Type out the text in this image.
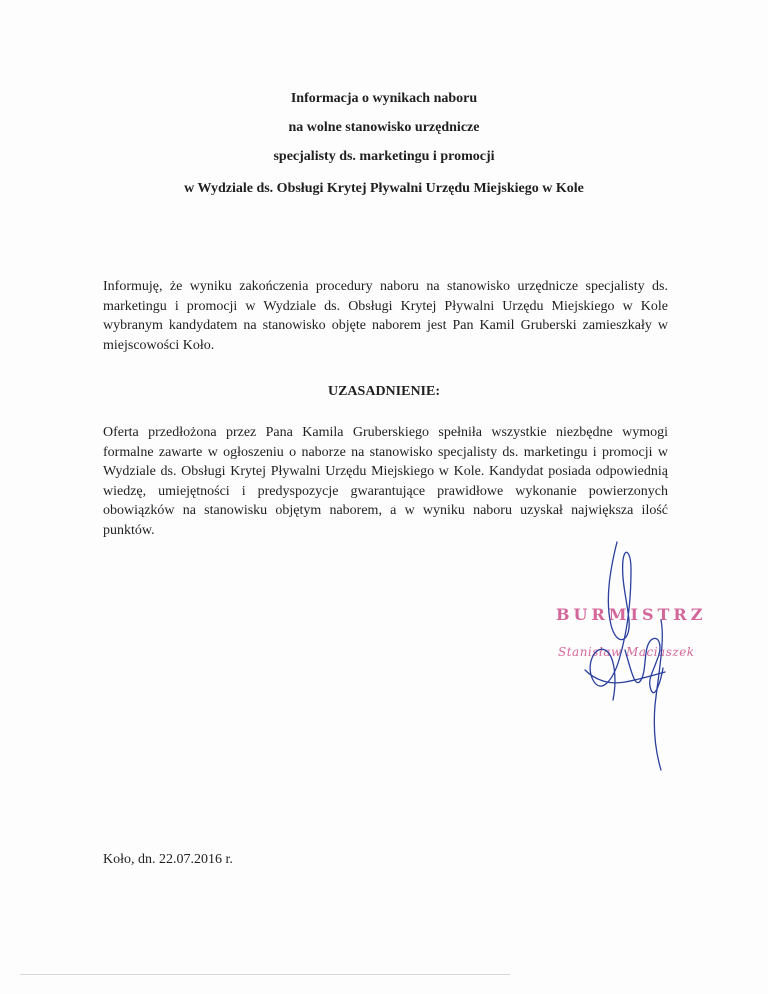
Informacja o wynikach naboru
na wolne stanowisko urzędnicze
specjalisty ds. marketingu i promocji
w Wydziale ds. Obsługi Krytej Pływalni Urzędu Miejskiego w Kole

Informuję, że wyniku zakończenia procedury naboru na stanowisko urzędnicze specjalisty ds. marketingu i promocji w Wydziale ds. Obsługi Krytej Pływalni Urzędu Miejskiego w Kole wybranym kandydatem na stanowisko objęte naborem jest Pan Kamil Gruberski zamieszkały w miejscowości Koło.

UZASADNIENIE:

Oferta przedłożona przez Pana Kamila Gruberskiego spełniła wszystkie niezbędne wymogi formalne zawarte w ogłoszeniu o naborze na stanowisko specjalisty ds. marketingu i promocji w Wydziale ds. Obsługi Krytej Pływalni Urzędu Miejskiego w Kole. Kandydat posiada odpowiednią wiedzę, umiejętności i predyspozycje gwarantujące prawidłowe wykonanie powierzonych obowiązków na stanowisku objętym naborem, a w wyniku naboru uzyskał największa ilość punktów.

BURMISTRZ
Stanisław Maciaszek
Koło, dn. 22.07.2016 r.
